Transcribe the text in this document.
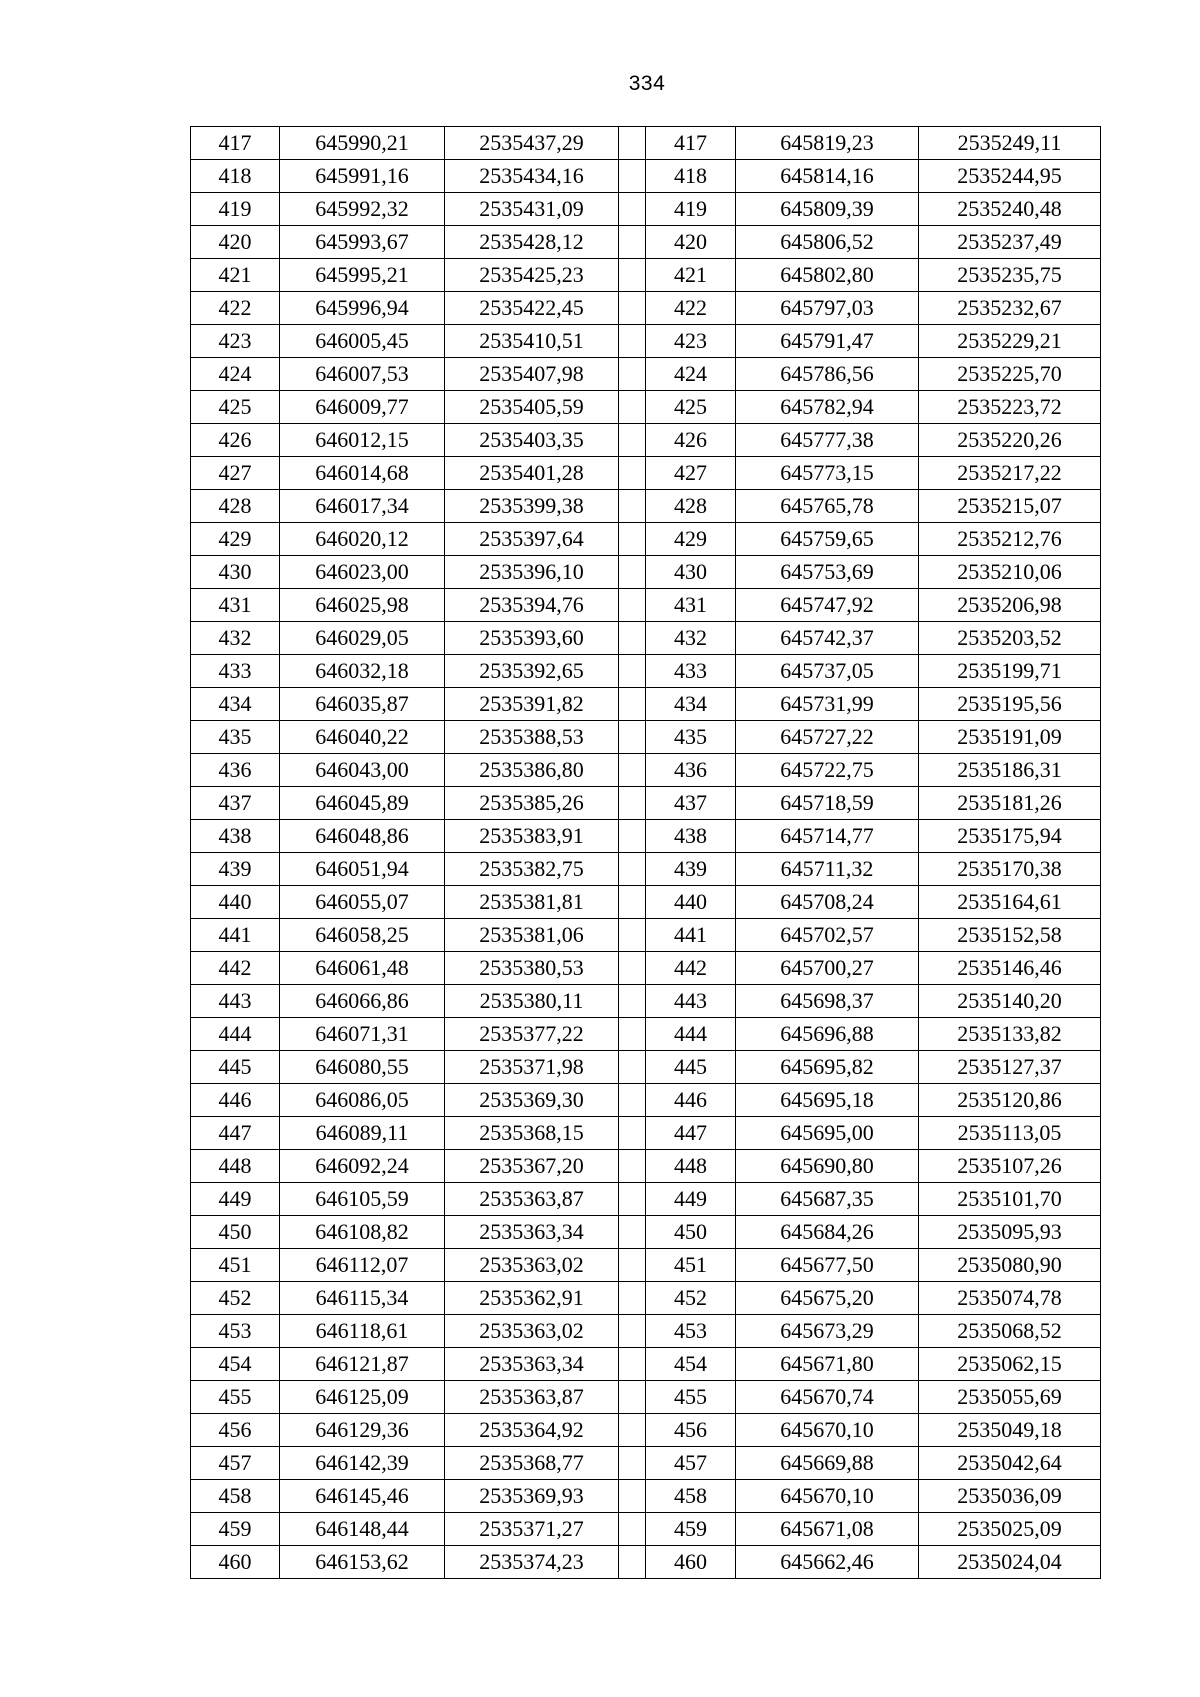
334
417	645990,21	2535437,29		417	645819,23	2535249,11
418	645991,16	2535434,16		418	645814,16	2535244,95
419	645992,32	2535431,09		419	645809,39	2535240,48
420	645993,67	2535428,12		420	645806,52	2535237,49
421	645995,21	2535425,23		421	645802,80	2535235,75
422	645996,94	2535422,45		422	645797,03	2535232,67
423	646005,45	2535410,51		423	645791,47	2535229,21
424	646007,53	2535407,98		424	645786,56	2535225,70
425	646009,77	2535405,59		425	645782,94	2535223,72
426	646012,15	2535403,35		426	645777,38	2535220,26
427	646014,68	2535401,28		427	645773,15	2535217,22
428	646017,34	2535399,38		428	645765,78	2535215,07
429	646020,12	2535397,64		429	645759,65	2535212,76
430	646023,00	2535396,10		430	645753,69	2535210,06
431	646025,98	2535394,76		431	645747,92	2535206,98
432	646029,05	2535393,60		432	645742,37	2535203,52
433	646032,18	2535392,65		433	645737,05	2535199,71
434	646035,87	2535391,82		434	645731,99	2535195,56
435	646040,22	2535388,53		435	645727,22	2535191,09
436	646043,00	2535386,80		436	645722,75	2535186,31
437	646045,89	2535385,26		437	645718,59	2535181,26
438	646048,86	2535383,91		438	645714,77	2535175,94
439	646051,94	2535382,75		439	645711,32	2535170,38
440	646055,07	2535381,81		440	645708,24	2535164,61
441	646058,25	2535381,06		441	645702,57	2535152,58
442	646061,48	2535380,53		442	645700,27	2535146,46
443	646066,86	2535380,11		443	645698,37	2535140,20
444	646071,31	2535377,22		444	645696,88	2535133,82
445	646080,55	2535371,98		445	645695,82	2535127,37
446	646086,05	2535369,30		446	645695,18	2535120,86
447	646089,11	2535368,15		447	645695,00	2535113,05
448	646092,24	2535367,20		448	645690,80	2535107,26
449	646105,59	2535363,87		449	645687,35	2535101,70
450	646108,82	2535363,34		450	645684,26	2535095,93
451	646112,07	2535363,02		451	645677,50	2535080,90
452	646115,34	2535362,91		452	645675,20	2535074,78
453	646118,61	2535363,02		453	645673,29	2535068,52
454	646121,87	2535363,34		454	645671,80	2535062,15
455	646125,09	2535363,87		455	645670,74	2535055,69
456	646129,36	2535364,92		456	645670,10	2535049,18
457	646142,39	2535368,77		457	645669,88	2535042,64
458	646145,46	2535369,93		458	645670,10	2535036,09
459	646148,44	2535371,27		459	645671,08	2535025,09
460	646153,62	2535374,23		460	645662,46	2535024,04
